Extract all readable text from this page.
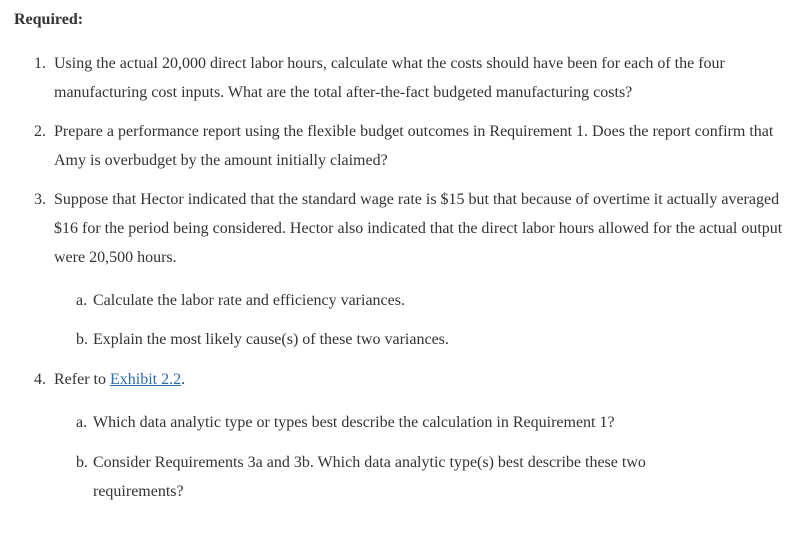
Required:
1. Using the actual 20,000 direct labor hours, calculate what the costs should have been for each of the four manufacturing cost inputs. What are the total after-the-fact budgeted manufacturing costs?
2. Prepare a performance report using the flexible budget outcomes in Requirement 1. Does the report confirm that Amy is overbudget by the amount initially claimed?
3. Suppose that Hector indicated that the standard wage rate is $15 but that because of overtime it actually averaged $16 for the period being considered. Hector also indicated that the direct labor hours allowed for the actual output were 20,500 hours.
a. Calculate the labor rate and efficiency variances.
b. Explain the most likely cause(s) of these two variances.
4. Refer to Exhibit 2.2.
a. Which data analytic type or types best describe the calculation in Requirement 1?
b. Consider Requirements 3a and 3b. Which data analytic type(s) best describe these two requirements?
